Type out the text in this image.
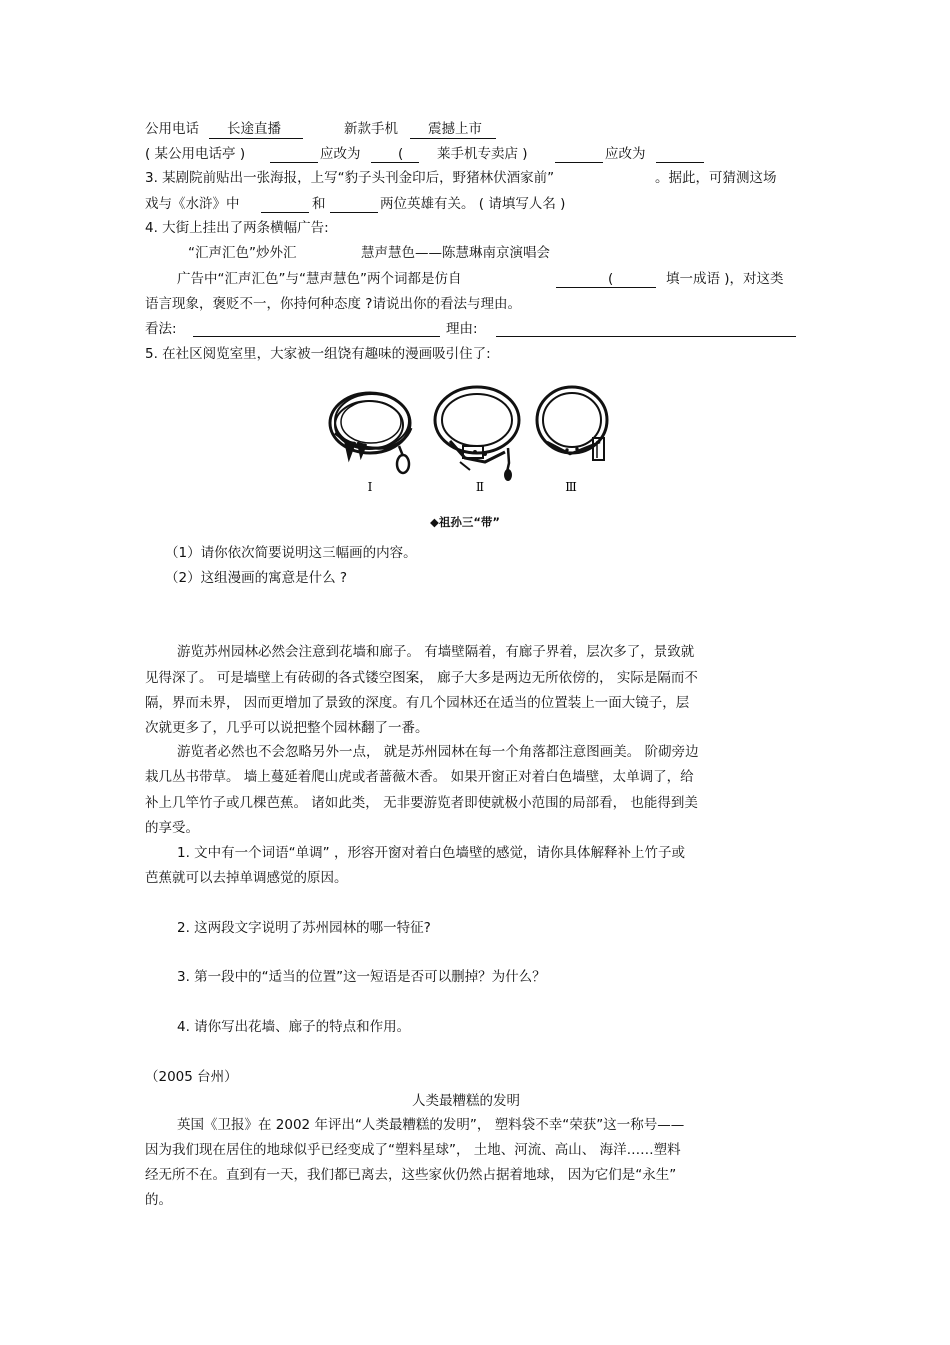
公用电话 长途直播	新款手机 震撼上市
( 某公用电话亭 )	应改为	( 莱手机专卖店 )	应改为
3. 某剧院前贴出一张海报，上写“豹子头刊金印后，野猪林伏酒家前”	。据此，可猜测这场
戏与《水浒》中	和	两位英雄有关。 ( 请填写人名 )
4. 大街上挂出了两条横幅广告:
“汇声汇色”炒外汇	慧声慧色——陈慧琳南京演唱会
广告中“汇声汇色”与“慧声慧色”两个词都是仿自	(	填一成语 )，对这类
语言现象，褒贬不一，你持何种态度 ?请说出你的看法与理由。
看法:	理由:
5. 在社区阅览室里，大家被一组饶有趣味的漫画吸引住了:
Ⅰ	Ⅱ	Ⅲ
◆祖孙三“带”
（1）请你依次简要说明这三幅画的内容。
（2）这组漫画的寓意是什么 ?
游览苏州园林必然会注意到花墙和廊子。 有墙壁隔着，有廊子界着，层次多了，景致就
见得深了。 可是墙壁上有砖砌的各式镂空图案， 廊子大多是两边无所依傍的， 实际是隔而不
隔，界而未界， 因而更增加了景致的深度。有几个园林还在适当的位置装上一面大镜子，层
次就更多了，几乎可以说把整个园林翻了一番。
游览者必然也不会忽略另外一点， 就是苏州园林在每一个角落都注意图画美。 阶砌旁边
栽几丛书带草。 墙上蔓延着爬山虎或者蔷薇木香。 如果开窗正对着白色墙壁，太单调了，给
补上几竿竹子或几棵芭蕉。 诸如此类， 无非要游览者即使就极小范围的局部看， 也能得到美
的享受。
1. 文中有一个词语“单调” ，形容开窗对着白色墙壁的感觉，请你具体解释补上竹子或
芭蕉就可以去掉单调感觉的原因。
2. 这两段文字说明了苏州园林的哪一特征?
3. 第一段中的“适当的位置”这一短语是否可以删掉？为什么？
4. 请你写出花墙、廊子的特点和作用。
（2005 台州）
人类最糟糕的发明
英国《卫报》在 2002 年评出“人类最糟糕的发明”， 塑料袋不幸“荣获”这一称号——
因为我们现在居住的地球似乎已经变成了“塑料星球”， 土地、河流、高山、 海洋……塑料
经无所不在。直到有一天，我们都已离去，这些家伙仍然占据着地球， 因为它们是“永生”
的。
